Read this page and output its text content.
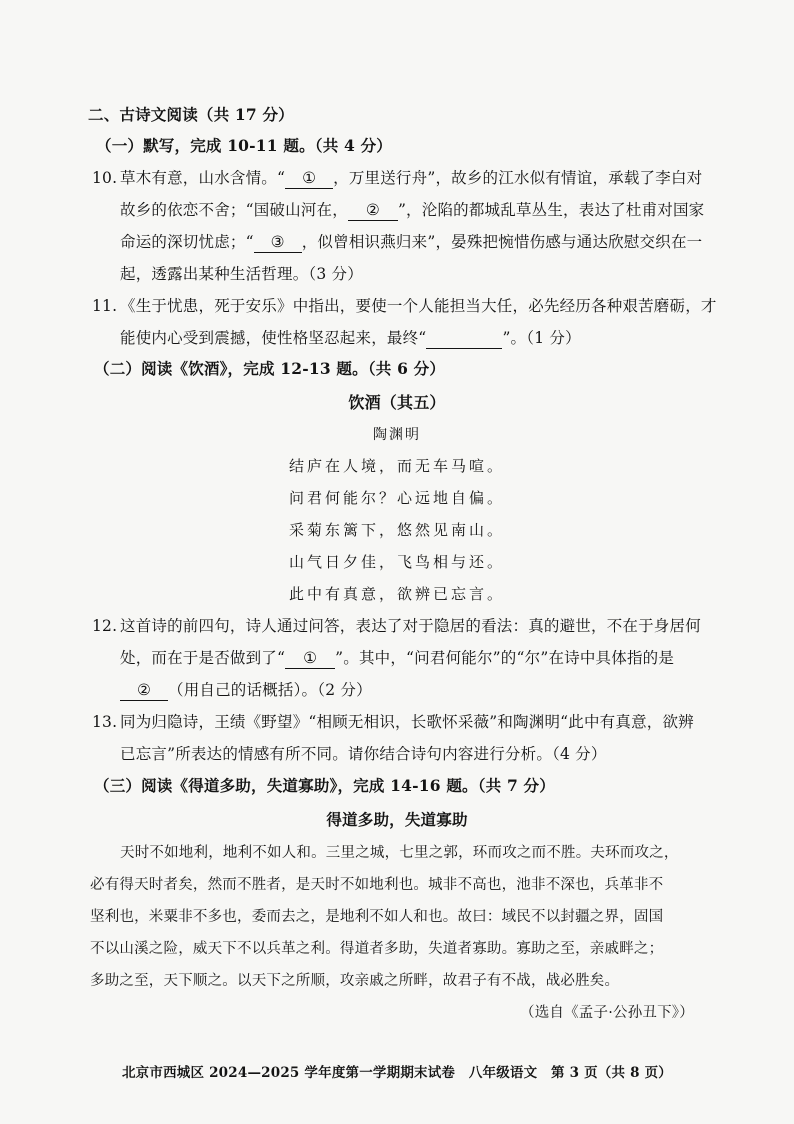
二、古诗文阅读（共 17 分）
（一）默写，完成 10-11 题。（共 4 分）
10. 草木有意，山水含情。“ ① ，万里送行舟”，故乡的江水似有情谊，承载了李白对
故乡的依恋不舍；“国破山河在， ② ”，沦陷的都城乱草丛生，表达了杜甫对国家
命运的深切忧虑；“ ③ ，似曾相识燕归来”，晏殊把惋惜伤感与通达欣慰交织在一
起，透露出某种生活哲理。（3 分）
11. 《生于忧患，死于安乐》中指出，要使一个人能担当大任，必先经历各种艰苦磨砺，才
能使内心受到震撼，使性格坚忍起来，最终“	”。（1 分）
（二）阅读《饮酒》，完成 12-13 题。（共 6 分）
饮酒（其五）
陶渊明
结庐在人境，而无车马喧。
问君何能尔？心远地自偏。
采菊东篱下，悠然见南山。
山气日夕佳，飞鸟相与还。
此中有真意，欲辨已忘言。
12. 这首诗的前四句，诗人通过问答，表达了对于隐居的看法：真的避世，不在于身居何
处，而在于是否做到了“ ① ”。其中，“问君何能尔”的“尔”在诗中具体指的是
② （用自己的话概括）。（2 分）
13. 同为归隐诗，王绩《野望》“相顾无相识，长歌怀采薇”和陶渊明“此中有真意，欲辨
已忘言”所表达的情感有所不同。请你结合诗句内容进行分析。（4 分）
（三）阅读《得道多助，失道寡助》，完成 14-16 题。（共 7 分）
得道多助，失道寡助
天时不如地利，地利不如人和。三里之城，七里之郭，环而攻之而不胜。夫环而攻之，
必有得天时者矣，然而不胜者，是天时不如地利也。城非不高也，池非不深也，兵革非不
坚利也，米粟非不多也，委而去之，是地利不如人和也。故曰：域民不以封疆之界，固国
不以山溪之险，威天下不以兵革之利。得道者多助，失道者寡助。寡助之至，亲戚畔之；
多助之至，天下顺之。以天下之所顺，攻亲戚之所畔，故君子有不战，战必胜矣。
（选自《孟子·公孙丑下》）
北京市西城区 2024—2025 学年度第一学期期末试卷　八年级语文　第 3 页（共 8 页）
